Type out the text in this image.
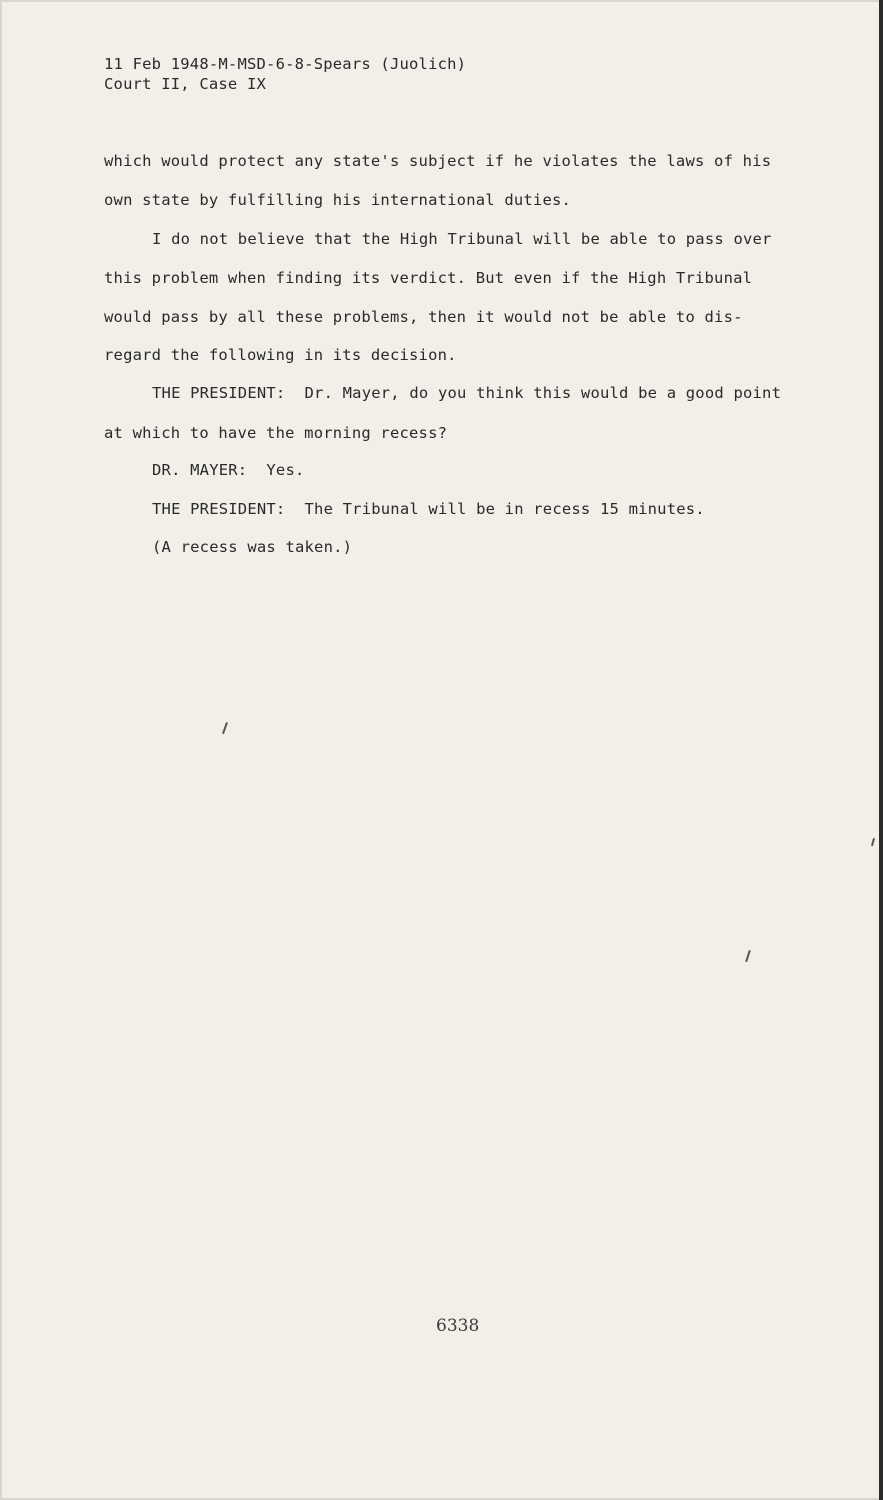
11 Feb 1948-M-MSD-6-8-Spears (Juolich)
Court II, Case IX
which would protect any state's subject if he violates the laws of his
own state by fulfilling his international duties.
I do not believe that the High Tribunal will be able to pass over
this problem when finding its verdict. But even if the High Tribunal
would pass by all these problems, then it would not be able to dis-
regard the following in its decision.
THE PRESIDENT:  Dr. Mayer, do you think this would be a good point
at which to have the morning recess?
DR. MAYER:  Yes.
THE PRESIDENT:  The Tribunal will be in recess 15 minutes.
(A recess was taken.)
6338
